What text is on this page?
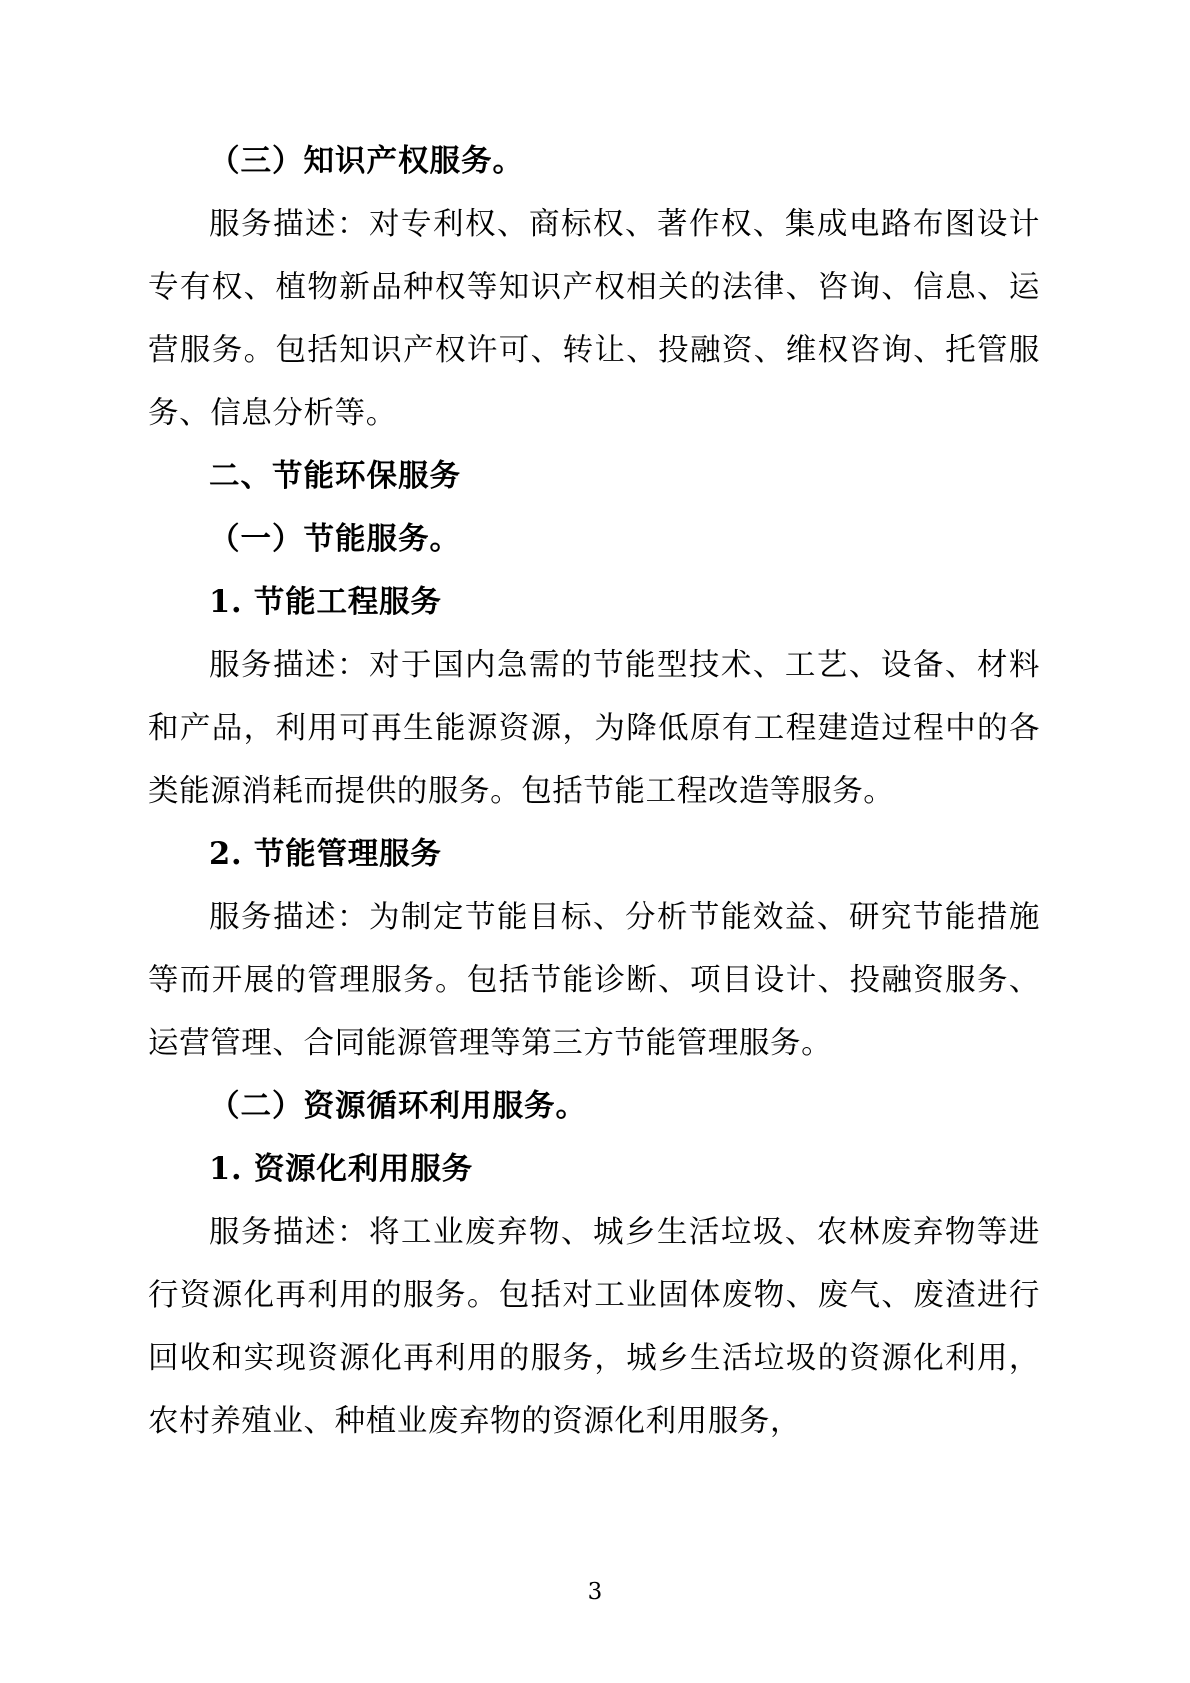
（三）知识产权服务。

服务描述：对专利权、商标权、著作权、集成电路布图设计专有权、植物新品种权等知识产权相关的法律、咨询、信息、运营服务。包括知识产权许可、转让、投融资、维权咨询、托管服务、信息分析等。

二、节能环保服务

（一）节能服务。

1. 节能工程服务

服务描述：对于国内急需的节能型技术、工艺、设备、材料和产品，利用可再生能源资源，为降低原有工程建造过程中的各类能源消耗而提供的服务。包括节能工程改造等服务。

2. 节能管理服务

服务描述：为制定节能目标、分析节能效益、研究节能措施等而开展的管理服务。包括节能诊断、项目设计、投融资服务、运营管理、合同能源管理等第三方节能管理服务。

（二）资源循环利用服务。

1. 资源化利用服务

服务描述：将工业废弃物、城乡生活垃圾、农林废弃物等进行资源化再利用的服务。包括对工业固体废物、废气、废渣进行回收和实现资源化再利用的服务，城乡生活垃圾的资源化利用，农村养殖业、种植业废弃物的资源化利用服务，

3
